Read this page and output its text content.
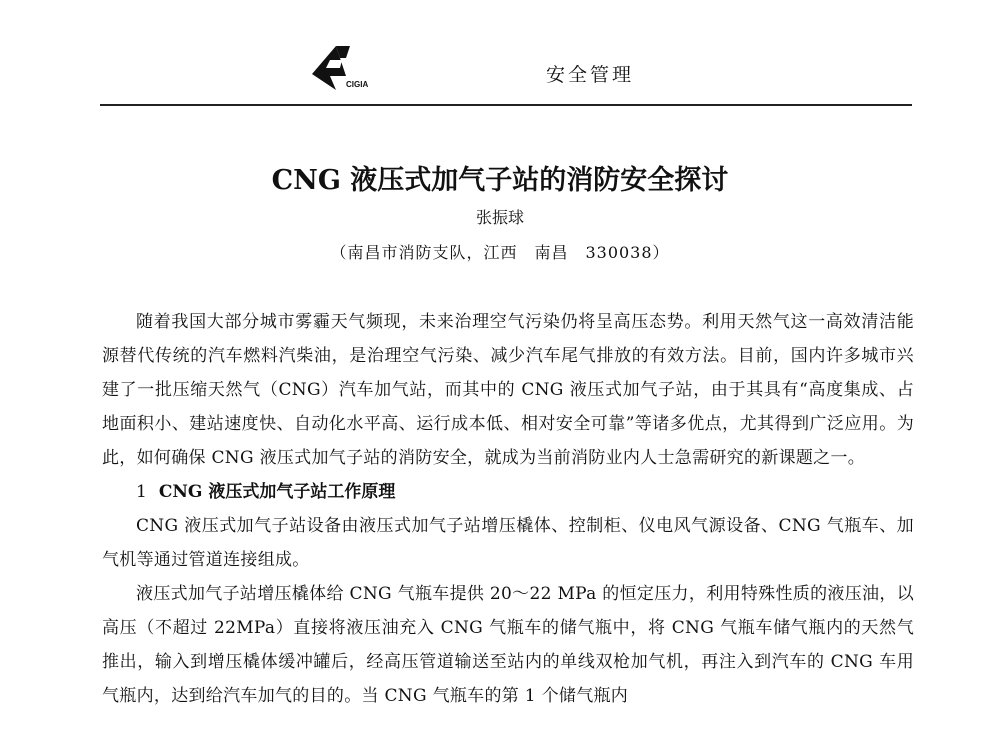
CIGIA	安全管理
CNG 液压式加气子站的消防安全探讨
张振球
（南昌市消防支队，江西　南昌　330038）

随着我国大部分城市雾霾天气频现，未来治理空气污染仍将呈高压态势。利用天然气这一高效清洁能源替代传统的汽车燃料汽柴油，是治理空气污染、减少汽车尾气排放的有效方法。目前，国内许多城市兴建了一批压缩天然气（CNG）汽车加气站，而其中的 CNG 液压式加气子站，由于其具有“高度集成、占地面积小、建站速度快、自动化水平高、运行成本低、相对安全可靠”等诸多优点，尤其得到广泛应用。为此，如何确保 CNG 液压式加气子站的消防安全，就成为当前消防业内人士急需研究的新课题之一。

1 CNG 液压式加气子站工作原理

CNG 液压式加气子站设备由液压式加气子站增压橇体、控制柜、仪电风气源设备、CNG 气瓶车、加气机等通过管道连接组成。

液压式加气子站增压橇体给 CNG 气瓶车提供 20～22 MPa 的恒定压力，利用特殊性质的液压油，以高压（不超过 22MPa）直接将液压油充入 CNG 气瓶车的储气瓶中，将 CNG 气瓶车储气瓶内的天然气推出，输入到增压橇体缓冲罐后，经高压管道输送至站内的单线双枪加气机，再注入到汽车的 CNG 车用气瓶内，达到给汽车加气的目的。当 CNG 气瓶车的第 1 个储气瓶内
